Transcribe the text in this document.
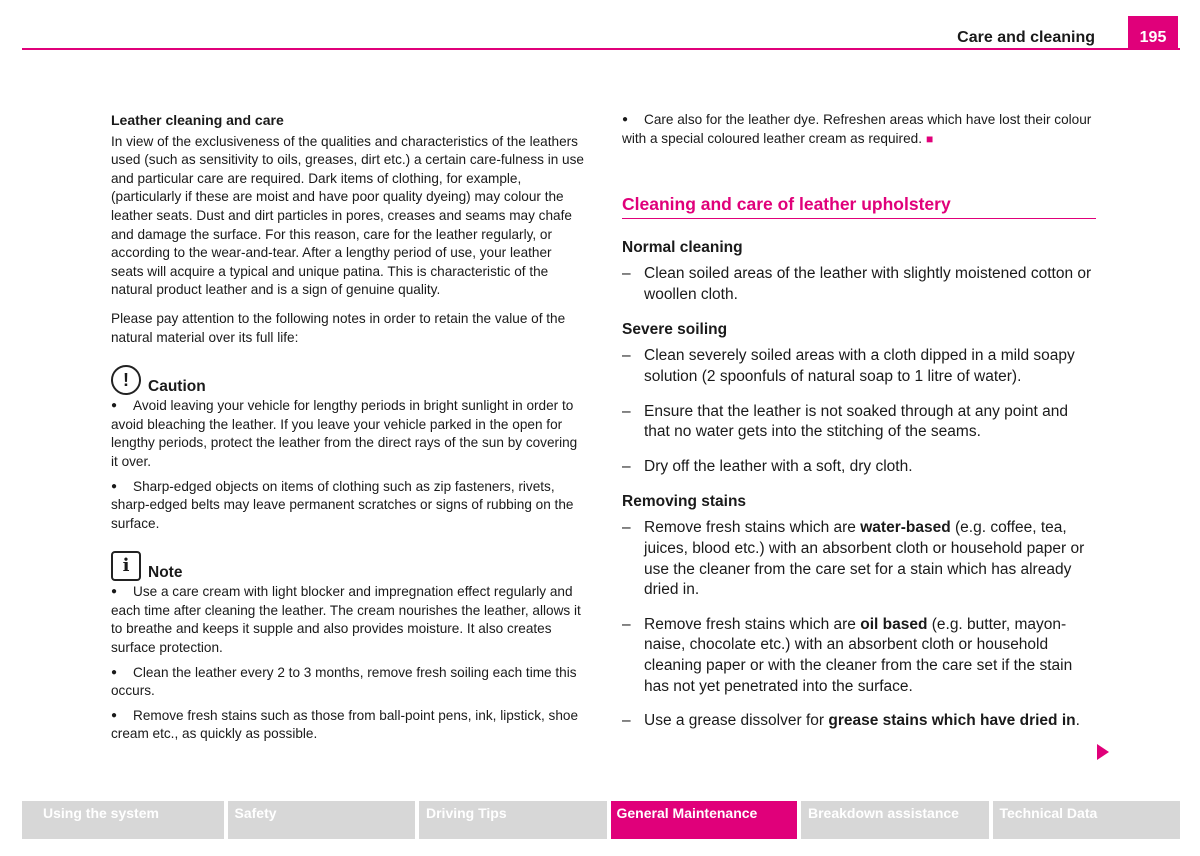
Care and cleaning	195
Leather cleaning and care

In view of the exclusiveness of the qualities and characteristics of the leathers used (such as sensitivity to oils, greases, dirt etc.) a certain care-fulness in use and particular care are required. Dark items of clothing, for example, (particularly if these are moist and have poor quality dyeing) may colour the leather seats. Dust and dirt particles in pores, creases and seams may chafe and damage the surface. For this reason, care for the leather regularly, or according to the wear-and-tear. After a lengthy period of use, your leather seats will acquire a typical and unique patina. This is characteristic of the natural product leather and is a sign of genuine quality.

Please pay attention to the following notes in order to retain the value of the natural material over its full life:

!	Caution
● Avoid leaving your vehicle for lengthy periods in bright sunlight in order to avoid bleaching the leather. If you leave your vehicle parked in the open for lengthy periods, protect the leather from the direct rays of the sun by covering it over.
● Sharp-edged objects on items of clothing such as zip fasteners, rivets, sharp-edged belts may leave permanent scratches or signs of rubbing on the surface.
i	Note
● Use a care cream with light blocker and impregnation effect regularly and each time after cleaning the leather. The cream nourishes the leather, allows it to breathe and keeps it supple and also provides moisture. It also creates surface protection.
● Clean the leather every 2 to 3 months, remove fresh soiling each time this occurs.
● Remove fresh stains such as those from ball-point pens, ink, lipstick, shoe cream etc., as quickly as possible.
● Care also for the leather dye. Refreshen areas which have lost their colour with a special coloured leather cream as required. ■
Cleaning and care of leather upholstery
Normal cleaning
– Clean soiled areas of the leather with slightly moistened cotton or woollen cloth.
Severe soiling
– Clean severely soiled areas with a cloth dipped in a mild soapy solution (2 spoonfuls of natural soap to 1 litre of water).
– Ensure that the leather is not soaked through at any point and that no water gets into the stitching of the seams.
– Dry off the leather with a soft, dry cloth.
Removing stains
– Remove fresh stains which are water-based (e.g. coffee, tea, juices, blood etc.) with an absorbent cloth or household paper or use the cleaner from the care set for a stain which has already dried in.
– Remove fresh stains which are oil based (e.g. butter, mayon-naise, chocolate etc.) with an absorbent cloth or household cleaning paper or with the cleaner from the care set if the stain has not yet penetrated into the surface.
– Use a grease dissolver for grease stains which have dried in.
Using the system	Safety	Driving Tips	General Maintenance	Breakdown assistance	Technical Data
